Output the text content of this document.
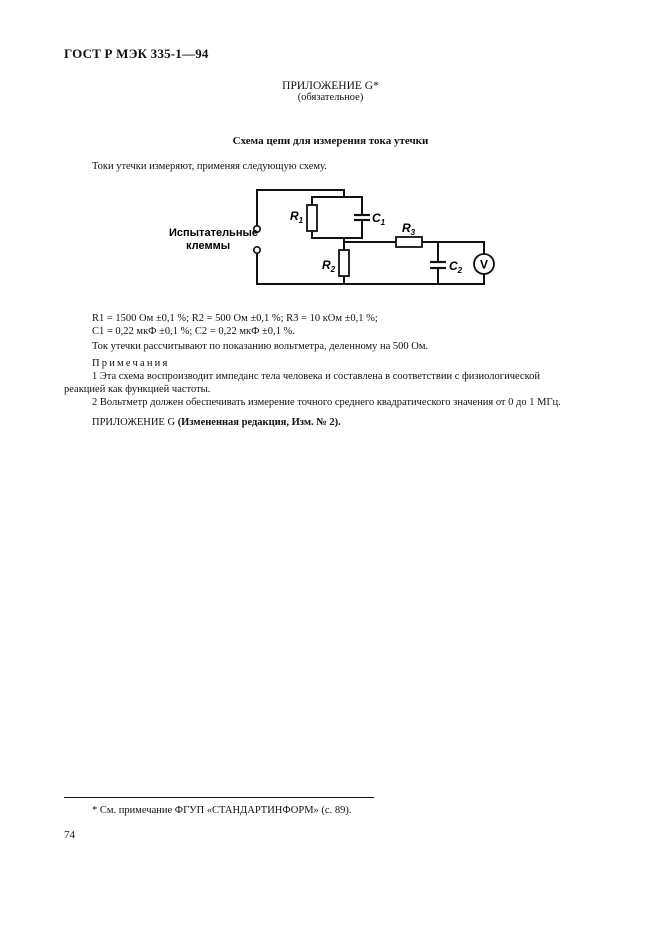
ГОСТ Р МЭК 335-1—94
ПРИЛОЖЕНИЕ G*
(обязательное)
Схема цепи для измерения тока утечки
Токи утечки измеряют, применяя следующую схему.
V
Испытательные
клеммы
$R_1$	$C_1$
$R_2$
$R_3$
$C_2$
R1 = 1500 Ом ±0,1 %; R2 = 500 Ом ±0,1 %; R3 = 10 кОм ±0,1 %;
C1 = 0,22 мкФ ±0,1 %; C2 = 0,22 мкФ ±0,1 %.
Ток утечки рассчитывают по показанию вольтметра, деленному на 500 Ом.
Примечания
1 Эта схема воспроизводит импеданс тела человека и составлена в соответствии с физиологической
реакцией как функцией частоты.
2 Вольтметр должен обеспечивать измерение точного среднего квадратического значения от 0 до 1 МГц.
ПРИЛОЖЕНИЕ G (Измененная редакция, Изм. № 2).
* См. примечание ФГУП «СТАНДАРТИНФОРМ» (с. 89).
74
